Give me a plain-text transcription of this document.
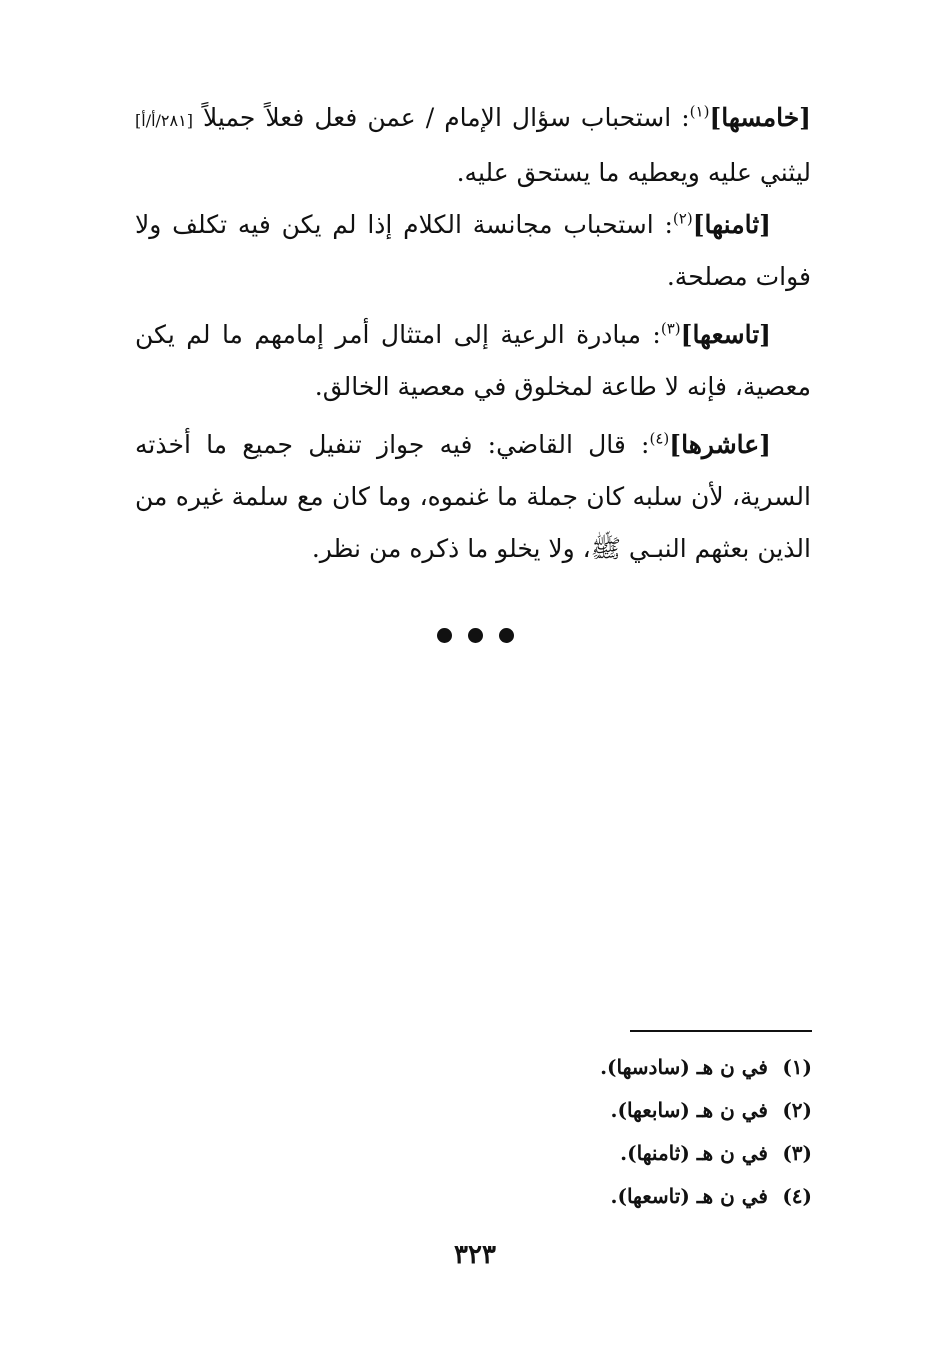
[خامسها]$^{(١)}$: استحباب سؤال الإمام / عمن فعل فعلاً جميلاً [٢٨١/أ/أ] ليثني عليه ويعطيه ما يستحق عليه.

[ثامنها]$^{(٢)}$: استحباب مجانسة الكلام إذا لم يكن فيه تكلف ولا فوات مصلحة.

[تاسعها]$^{(٣)}$: مبادرة الرعية إلى امتثال أمر إمامهم ما لم يكن معصية، فإنه لا طاعة لمخلوق في معصية الخالق.

[عاشرها]$^{(٤)}$: قال القاضي: فيه جواز تنفيل جميع ما أخذته السرية، لأن سلبه كان جملة ما غنموه، وما كان مع سلمة غيره من الذين بعثهم النبـي ﷺ، ولا يخلو ما ذكره من نظر.

(١)في ن هـ (سادسها).
(٢)في ن هـ (سابعها).
(٣)في ن هـ (ثامنها).
(٤)في ن هـ (تاسعها).
٣٢٣
